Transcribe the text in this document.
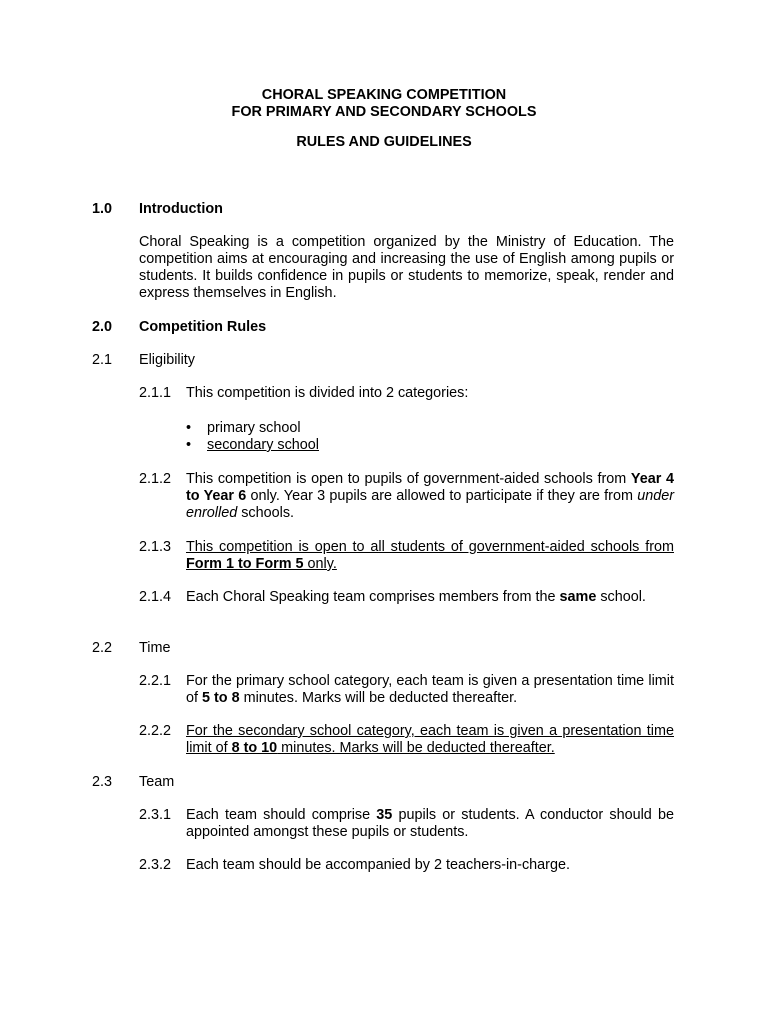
CHORAL SPEAKING COMPETITION
FOR PRIMARY AND SECONDARY SCHOOLS
RULES AND GUIDELINES
1.0 Introduction
Choral Speaking is a competition organized by the Ministry of Education. The competition aims at encouraging and increasing the use of English among pupils or students. It builds confidence in pupils or students to memorize, speak, render and express themselves in English.
2.0 Competition Rules
2.1 Eligibility
2.1.1	This competition is divided into 2 categories:
• primary school
• secondary school
2.1.2	This competition is open to pupils of government-aided schools from Year 4 to Year 6 only. Year 3 pupils are allowed to participate if they are from under enrolled schools.
2.1.3	This competition is open to all students of government-aided schools from Form 1 to Form 5 only.
2.1.4	Each Choral Speaking team comprises members from the same school.
2.2 Time
2.2.1	For the primary school category, each team is given a presentation time limit of 5 to 8 minutes. Marks will be deducted thereafter.
2.2.2	For the secondary school category, each team is given a presentation time limit of 8 to 10 minutes. Marks will be deducted thereafter.
2.3 Team
2.3.1	Each team should comprise 35 pupils or students. A conductor should be appointed amongst these pupils or students.
2.3.2	Each team should be accompanied by 2 teachers-in-charge.
